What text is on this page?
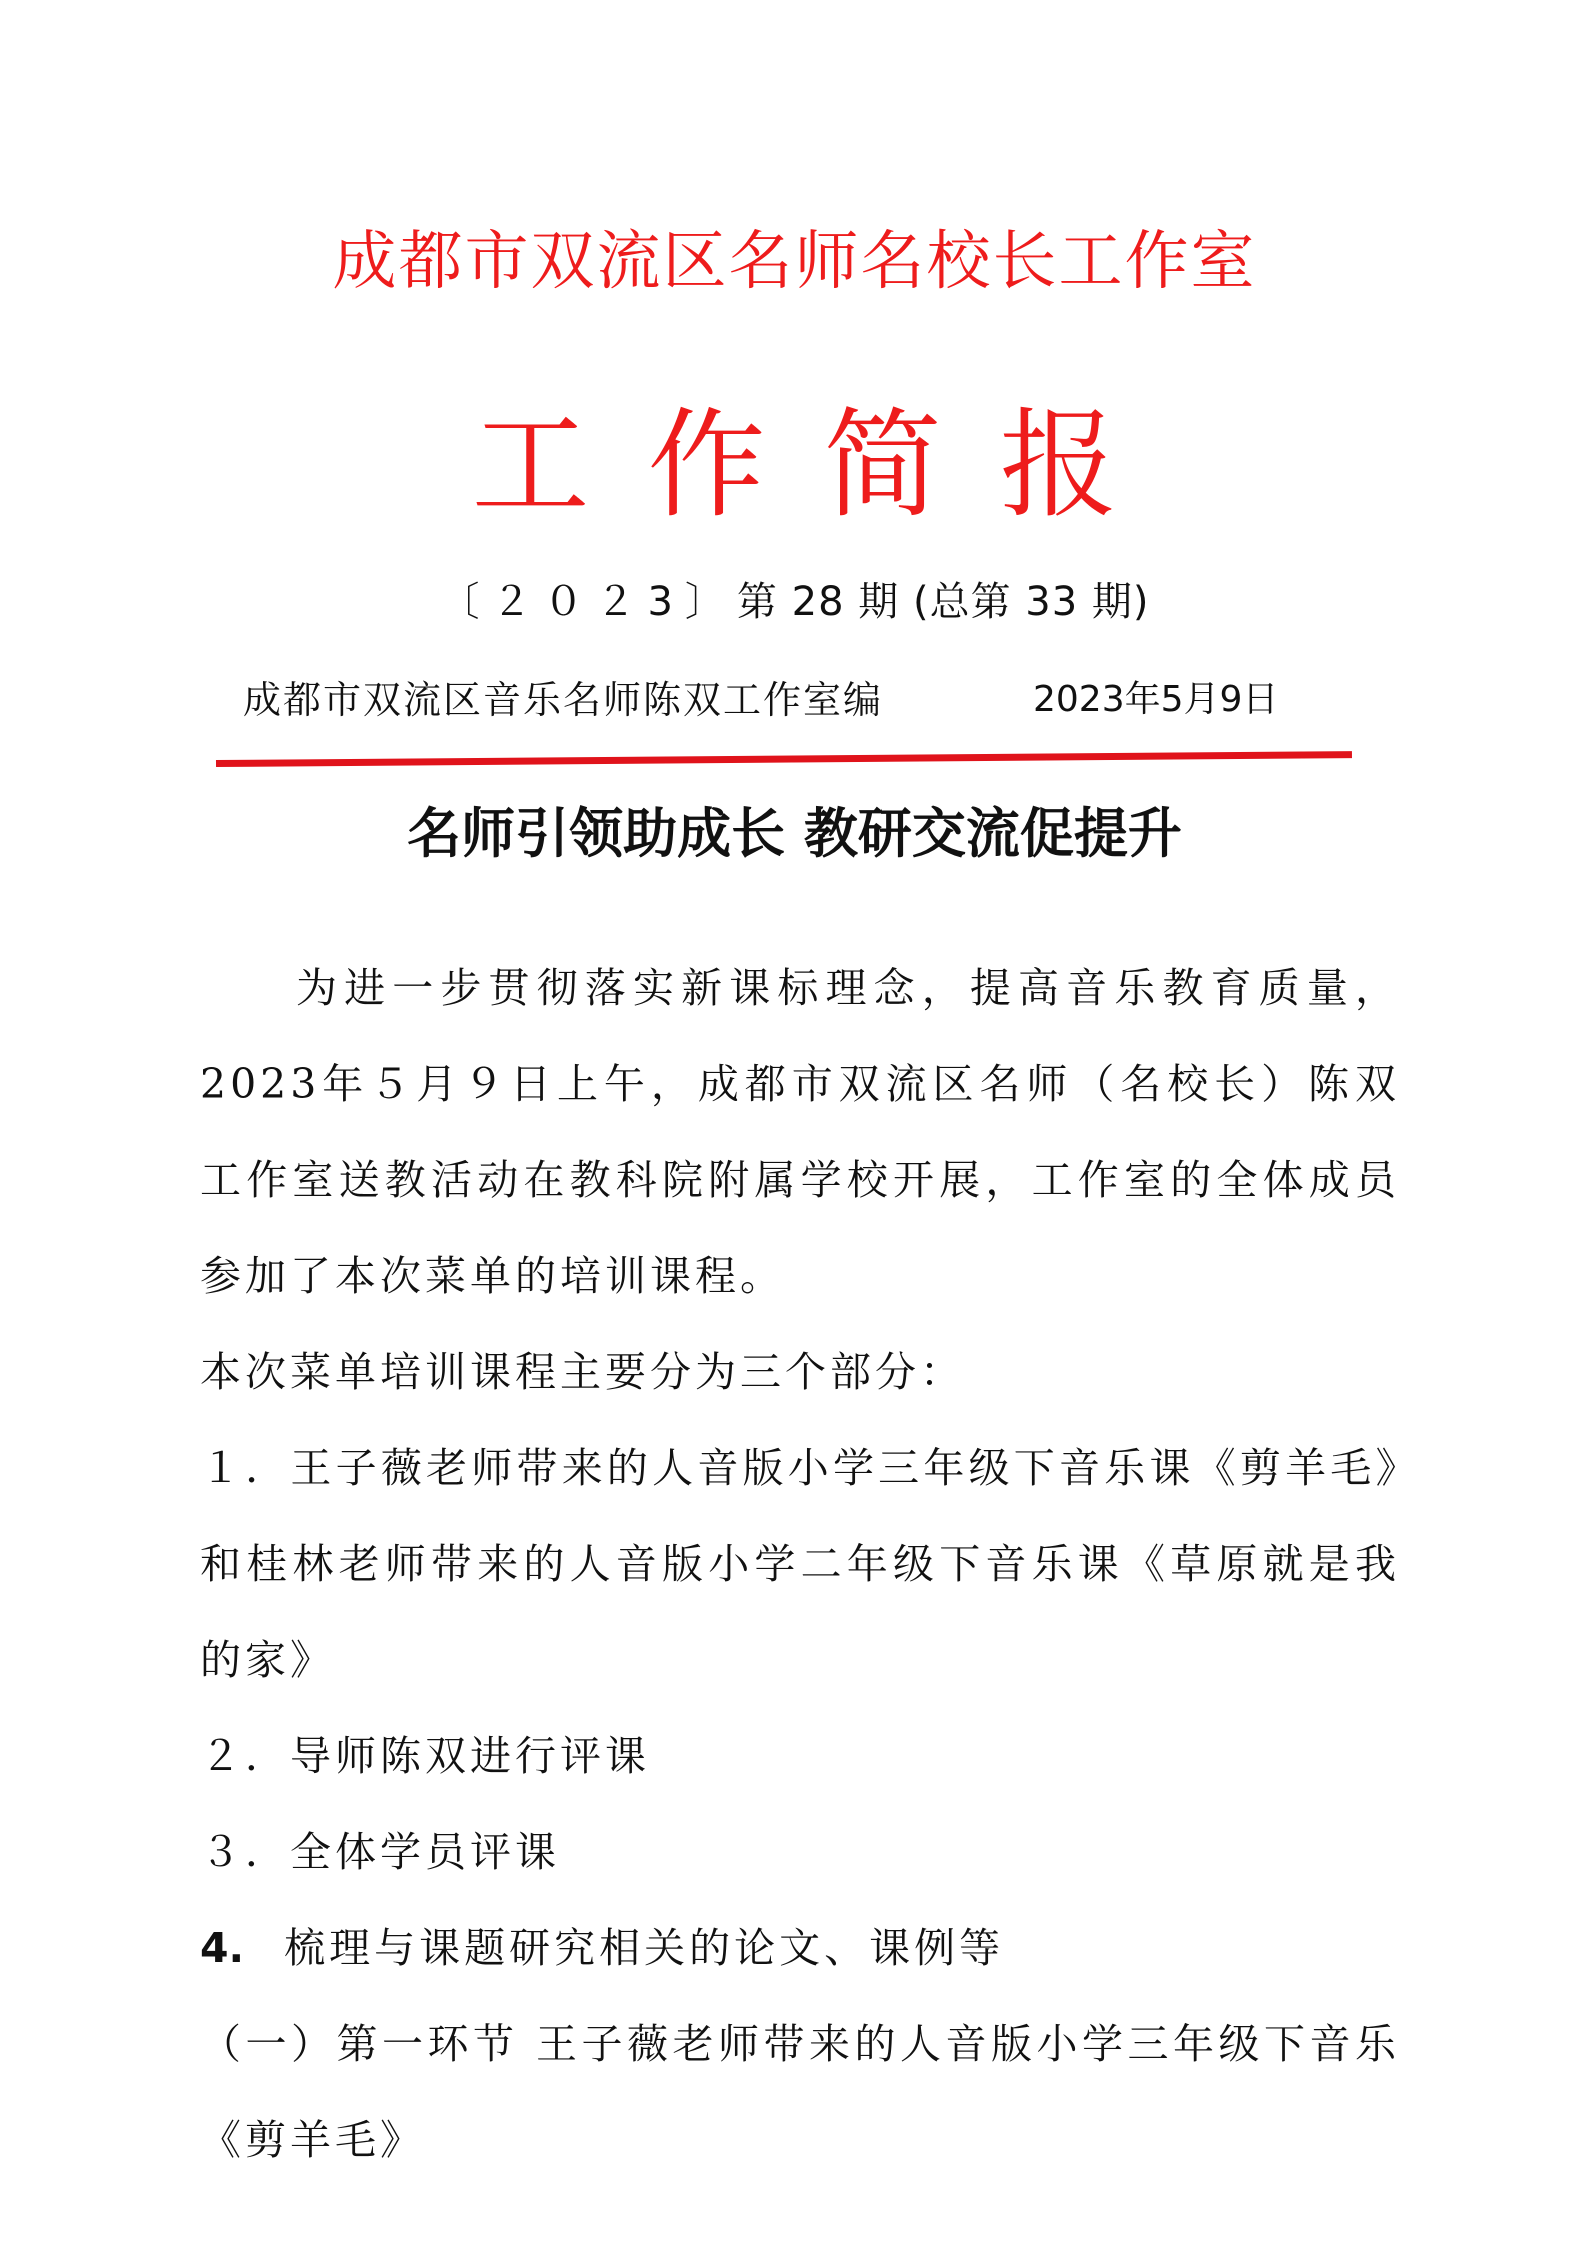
成都市双流区名师名校长工作室
工作简报
〔２０２3〕第 28 期 (总第 33 期)
成都市双流区音乐名师陈双工作室编	2023年5月9日
名师引领助成长 教研交流促提升
为进一步贯彻落实新课标理念，提高音乐教育质量，2023年５月９日上午，成都市双流区名师（名校长）陈双工作室送教活动在教科院附属学校开展，工作室的全体成员参加了本次菜单的培训课程。
本次菜单培训课程主要分为三个部分：
１．王子薇老师带来的人音版小学三年级下音乐课《剪羊毛》和桂林老师带来的人音版小学二年级下音乐课《草原就是我的家》
２．导师陈双进行评课
３．全体学员评课
4. 梳理与课题研究相关的论文、课例等
（一）第一环节 王子薇老师带来的人音版小学三年级下音乐《剪羊毛》
